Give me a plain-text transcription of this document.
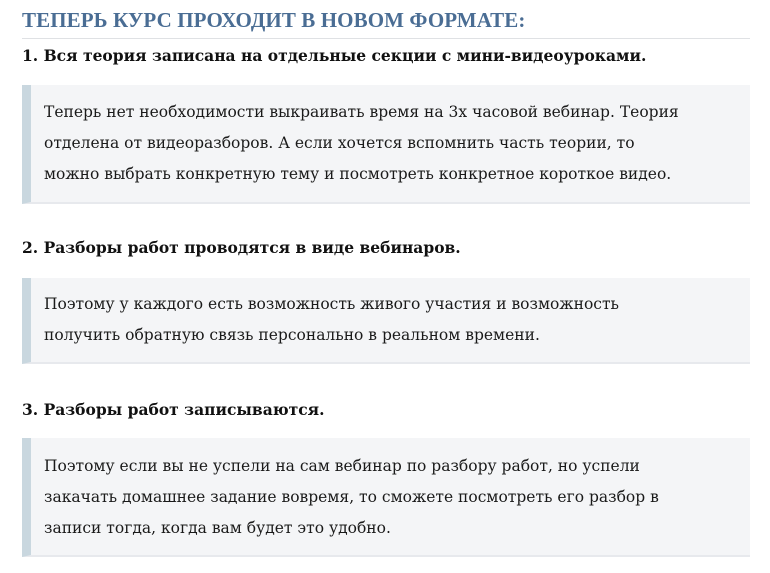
ТЕПЕРЬ КУРС ПРОХОДИТ В НОВОМ ФОРМАТЕ:
1. Вся теория записана на отдельные секции с мини-видеоуроками.
Теперь нет необходимости выкраивать время на 3х часовой вебинар. Теория
отделена от видеоразборов. А если хочется вспомнить часть теории, то
можно выбрать конкретную тему и посмотреть конкретное короткое видео.
2. Разборы работ проводятся в виде вебинаров.
Поэтому у каждого есть возможность живого участия и возможность
получить обратную связь персонально в реальном времени.
3. Разборы работ записываются.
Поэтому если вы не успели на сам вебинар по разбору работ, но успели
закачать домашнее задание вовремя, то сможете посмотреть его разбор в
записи тогда, когда вам будет это удобно.
